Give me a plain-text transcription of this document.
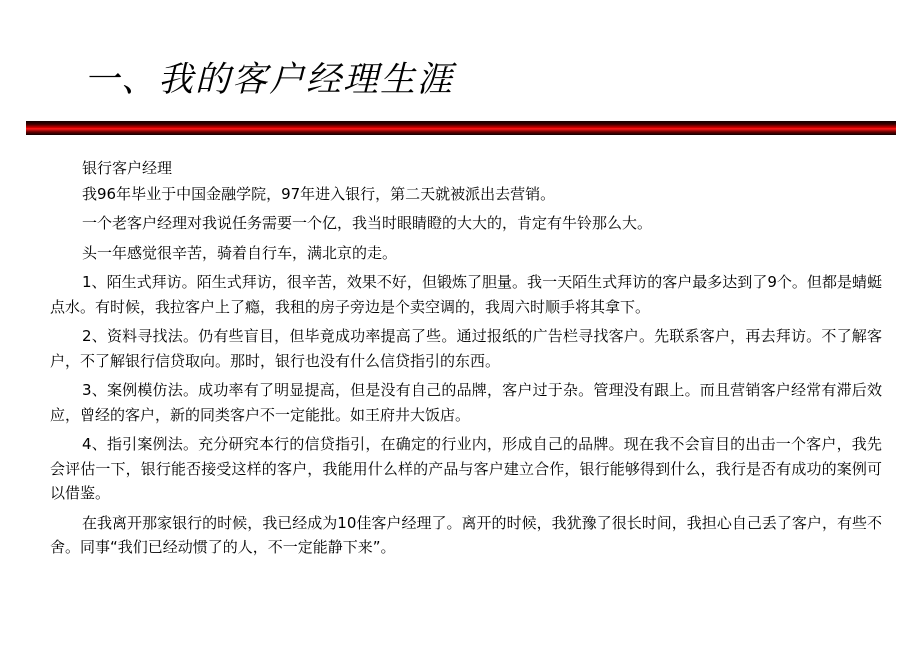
一、我的客户经理生涯

银行客户经理

我96年毕业于中国金融学院，97年进入银行，第二天就被派出去营销。

一个老客户经理对我说任务需要一个亿，我当时眼睛瞪的大大的，肯定有牛铃那么大。

头一年感觉很辛苦，骑着自行车，满北京的走。

1、陌生式拜访。陌生式拜访，很辛苦，效果不好，但锻炼了胆量。我一天陌生式拜访的客户最多达到了9个。但都是蜻蜓点水。有时候，我拉客户上了瘾，我租的房子旁边是个卖空调的，我周六时顺手将其拿下。

2、资料寻找法。仍有些盲目，但毕竟成功率提高了些。通过报纸的广告栏寻找客户。先联系客户，再去拜访。不了解客户，不了解银行信贷取向。那时，银行也没有什么信贷指引的东西。

3、案例模仿法。成功率有了明显提高，但是没有自己的品牌，客户过于杂。管理没有跟上。而且营销客户经常有滞后效应，曾经的客户，新的同类客户不一定能批。如王府井大饭店。

4、指引案例法。充分研究本行的信贷指引，在确定的行业内，形成自己的品牌。现在我不会盲目的出击一个客户，我先会评估一下，银行能否接受这样的客户，我能用什么样的产品与客户建立合作，银行能够得到什么，我行是否有成功的案例可以借鉴。

在我离开那家银行的时候，我已经成为10佳客户经理了。离开的时候，我犹豫了很长时间，我担心自己丢了客户，有些不舍。同事“我们已经动惯了的人，不一定能静下来”。
